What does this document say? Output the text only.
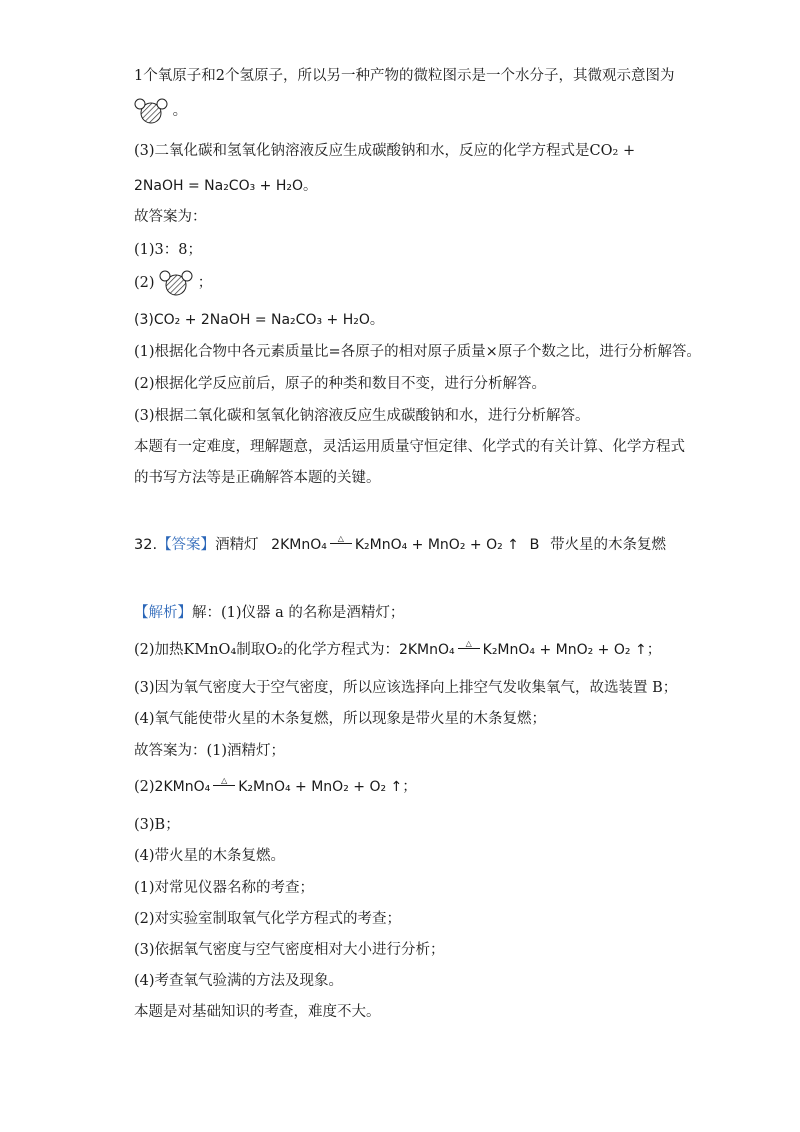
1个氧原子和2个氢原子，所以另一种产物的微粒图示是一个水分子，其微观示意图为
。
(3)二氧化碳和氢氧化钠溶液反应生成碳酸钠和水，反应的化学方程式是CO₂ +
2NaOH = Na₂CO₃ + H₂O。
故答案为：
(1)3：8；
(2)	；
(3)CO₂ + 2NaOH = Na₂CO₃ + H₂O。
(1)根据化合物中各元素质量比=各原子的相对原子质量×原子个数之比，进行分析解答。
(2)根据化学反应前后，原子的种类和数目不变，进行分析解答。
(3)根据二氧化碳和氢氧化钠溶液反应生成碳酸钠和水，进行分析解答。
本题有一定难度，理解题意，灵活运用质量守恒定律、化学式的有关计算、化学方程式
的书写方法等是正确解答本题的关键。
32.【答案】酒精灯 2KMnO₄	△ K₂MnO₄ + MnO₂ + O₂ ↑ B 带火星的木条复燃
【解析】解：(1)仪器 a 的名称是酒精灯；
(2)加热KMnO₄制取O₂的化学方程式为：2KMnO₄	△ K₂MnO₄ + MnO₂ + O₂ ↑；
(3)因为氧气密度大于空气密度，所以应该选择向上排空气发收集氧气，故选装置 B；
(4)氧气能使带火星的木条复燃，所以现象是带火星的木条复燃；
故答案为：(1)酒精灯；
(2)2KMnO₄	△ K₂MnO₄ + MnO₂ + O₂ ↑；
(3)B；
(4)带火星的木条复燃。
(1)对常见仪器名称的考查；
(2)对实验室制取氧气化学方程式的考查；
(3)依据氧气密度与空气密度相对大小进行分析；
(4)考查氧气验满的方法及现象。
本题是对基础知识的考查，难度不大。
